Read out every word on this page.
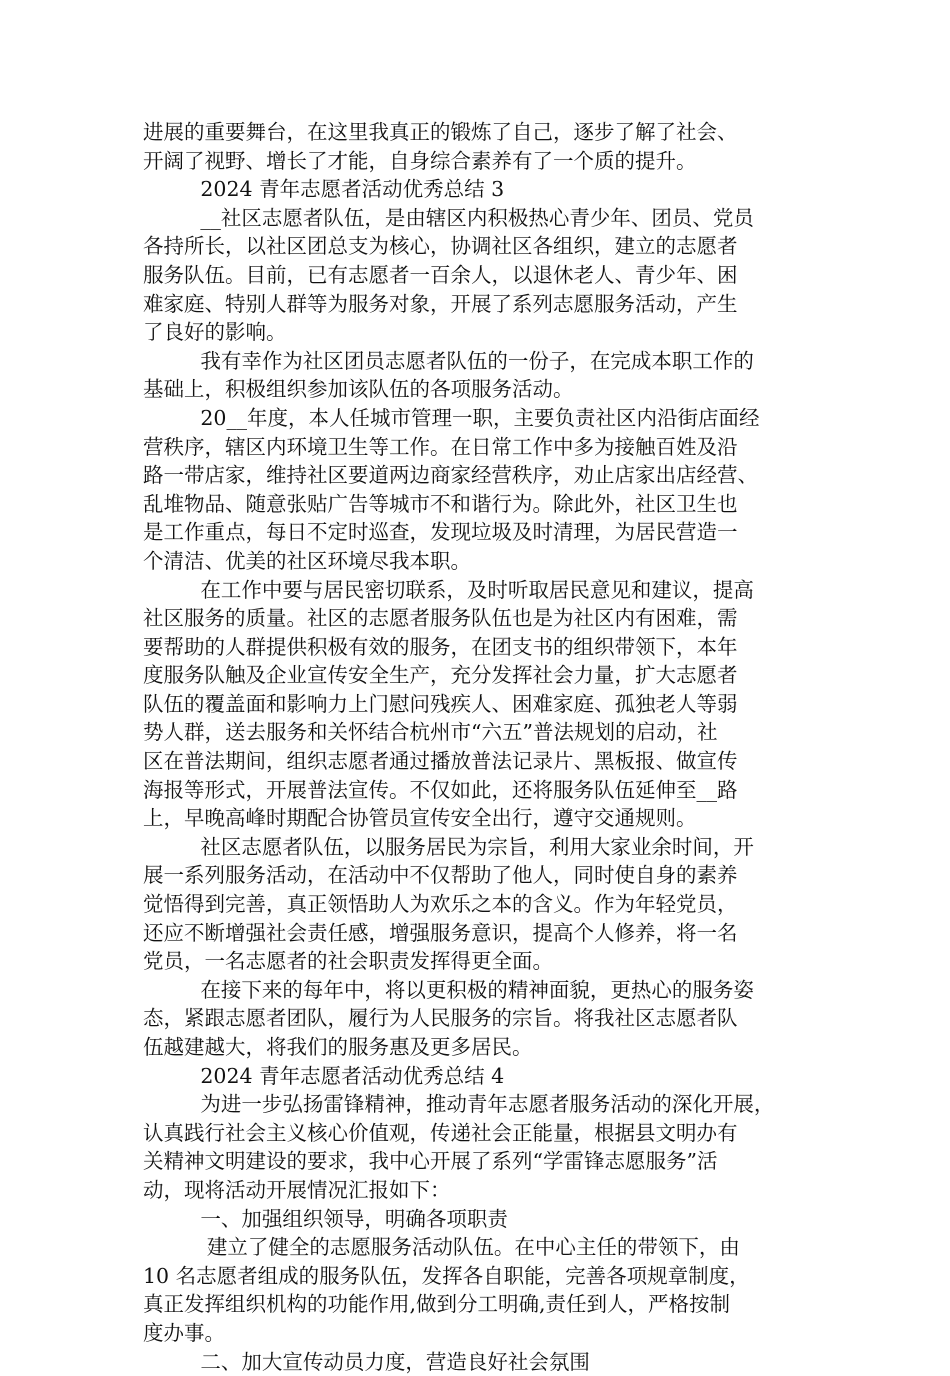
进展的重要舞台，在这里我真正的锻炼了自己，逐步了解了社会、
开阔了视野、增长了才能，自身综合素养有了一个质的提升。

2024 青年志愿者活动优秀总结 3

__社区志愿者队伍，是由辖区内积极热心青少年、团员、党员
各持所长，以社区团总支为核心，协调社区各组织，建立的志愿者
服务队伍。目前，已有志愿者一百余人，以退休老人、青少年、困
难家庭、特别人群等为服务对象，开展了系列志愿服务活动，产生
了良好的影响。
我有幸作为社区团员志愿者队伍的一份子，在完成本职工作的
基础上，积极组织参加该队伍的各项服务活动。
20__年度，本人任城市管理一职，主要负责社区内沿街店面经
营秩序，辖区内环境卫生等工作。在日常工作中多为接触百姓及沿
路一带店家，维持社区要道两边商家经营秩序，劝止店家出店经营、
乱堆物品、随意张贴广告等城市不和谐行为。除此外，社区卫生也
是工作重点，每日不定时巡查，发现垃圾及时清理，为居民营造一
个清洁、优美的社区环境尽我本职。
在工作中要与居民密切联系，及时听取居民意见和建议，提高
社区服务的质量。社区的志愿者服务队伍也是为社区内有困难，需
要帮助的人群提供积极有效的服务，在团支书的组织带领下，本年
度服务队触及企业宣传安全生产，充分发挥社会力量，扩大志愿者
队伍的覆盖面和影响力上门慰问残疾人、困难家庭、孤独老人等弱
势人群，送去服务和关怀结合杭州市“六五”普法规划的启动，社
区在普法期间，组织志愿者通过播放普法记录片、黑板报、做宣传
海报等形式，开展普法宣传。不仅如此，还将服务队伍延伸至__路
上，早晚高峰时期配合协管员宣传安全出行，遵守交通规则。
社区志愿者队伍，以服务居民为宗旨，利用大家业余时间，开
展一系列服务活动，在活动中不仅帮助了他人，同时使自身的素养
觉悟得到完善，真正领悟助人为欢乐之本的含义。作为年轻党员，
还应不断增强社会责任感，增强服务意识，提高个人修养，将一名
党员，一名志愿者的社会职责发挥得更全面。
在接下来的每年中，将以更积极的精神面貌，更热心的服务姿
态，紧跟志愿者团队，履行为人民服务的宗旨。将我社区志愿者队
伍越建越大，将我们的服务惠及更多居民。

2024 青年志愿者活动优秀总结 4

为进一步弘扬雷锋精神，推动青年志愿者服务活动的深化开展，
认真践行社会主义核心价值观，传递社会正能量，根据县文明办有
关精神文明建设的要求，我中心开展了系列“学雷锋志愿服务”活
动，现将活动开展情况汇报如下：
一、加强组织领导，明确各项职责
建立了健全的志愿服务活动队伍。在中心主任的带领下，由
10 名志愿者组成的服务队伍，发挥各自职能，完善各项规章制度，
真正发挥组织机构的功能作用,做到分工明确,责任到人，严格按制
度办事。
二、加大宣传动员力度，营造良好社会氛围
